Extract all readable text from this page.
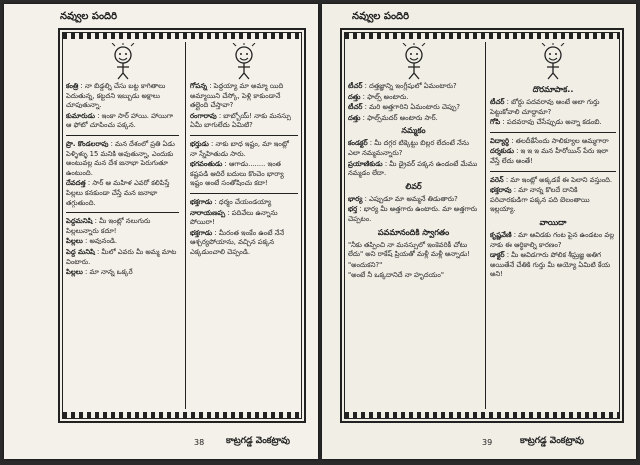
నవ్వుల పందిరి
కంత్రి : నా బిడ్డల్ని చేసు బట్ట కాగితాలు పెదుతున్న, కట్టదని ఇబ్బుడు అక్షాలు చూపుతున్నా.
కుమారుడు : ఇంకా సార్ హాయి. హాయిగా ఆ ఫోటో చూపించు పక్కన.
ప్రొ. కొండలరావు : మన దేశంలో ప్రతి ఏడు పెళ్ళిళ్ళు 15 మనికి అవుతున్నా, ఎందుకు అంటువల్ల మన దేశ జనాభా పెరుగుతూ ఉంటుంది.
దేవదత్త : సార్ ఆ మహిళ ఎవరో కలిపిస్తే పిల్లలు కనకుండా చేస్తే మన జనాభా తగ్గుతుంది.
పెద్దమనిషి : మీ ఇంట్లో నలుగురు పిల్లలున్నారు కదూ!
పిల్లలు : అవునండి.
పెద్ద మనిషి : మీలో ఎవరు మీ అమ్మ మాట వింటారు.
పిల్లలు : మా నాన్న ఒక్కరే
గోపన్న : పెద్దయ్యా మా అమ్మా యిది అమ్మాయిని చేస్కో, పెళ్లి కాకుండానే తల్లైంది చేస్తావా?
రంగారావు : బాబ్బోయ్! నాకు మనస్సు ఏమీ బాగులేదు ఏమిటి?
భర్తుడు : నాకు బాధ ఇష్టం, మా ఇంట్లో నా స్నేహితుడు సారు.
భగవంతుడు : ఆగాడు........ ఇంత కష్టపడి ఆదిరే బదులు కొంచెం భార్యా ఇష్టం అంటే సంతోషించు కదా!
భక్తగాడు : ధర్మం చేయండయ్యా
నారాయణప్ప : పదివేలు ఉన్నాను పోయిరా!
భక్తగాడు : మీరంత ఇంకేం ఉంటే నేనే ఆశ్చర్యపోయాను, వచ్చిన పక్కన ఎక్కడుంచాలి చెప్పండి.
38 కాట్రగడ్డ వెంకట్రావు
నవ్వుల పందిరి
టీచర్ : దత్తజ్ఞాన్ని ఇంగ్లీషులో ఏమంటారు?
దత్తు : ఫాల్స్ అంటారు.
టీచర్ : మరి అత్తగారిని ఏమంటారు చెప్పు?
దత్తు : ఫాల్స్‌మదర్ అంటారు సార్.
నమ్మకం
కండక్టర్ : మీ దగ్గర టిక్కెట్టు బిల్లర లేదంటే నేను ఎలా నమ్మమన్నారు?
ప్రయాణికుడు : మీ డ్రైవర్ పక్కన ఉండంటే మేము నమ్మడం లేదా.
లివర్
భార్య : ఎప్పుడూ మా అమ్మనే తిడుతారు?
భర్త : భార్య మీ అత్తగారు ఉంటారు. మా అత్తగారు చెప్పటం.
పవమానందికి స్వాగతం
"నీకు తప్పించి నా మనస్సులో ఇంకెవరికీ చోటు లేదు" అని రాకేష్ ప్రియతో మళ్లీ మళ్లీ అన్నాడు!
"అందుకని?"
"అంటే నీ ఒక్కదానిదే నా హృదయం"
దొరమాపాక..
టీచర్ : బోర్డు పదవరావు అంటే అలా గుర్తు పెట్టుకోవాలి చూద్దామా?
గోపి : పదవరావు చేసేప్పుడు అన్నా కడంబి.
విద్యార్థి : తలదీకేసేందు సాలిక్యూల అమ్మగారా
దర్శకుడు : ఇ ఇ ఇ మన హీరోయిన్ పేరు ఇలా వేస్తే లేదు అంతే!
వరెన్ : మా ఇంట్లో అక్కడకే ఈ పెలాని వస్తుంది.
భక్తరావు : మా నాన్న కొలదే దానికి పరిచారకుడిగా పక్కన పది బెలంతాయి ఇల్లయ్యా.
వాయిదా
కృష్ణవేణి : మా ఆవిడకు గంట పైన ఉండటం వల్ల నాకు ఈ ఆర్థికాల్ని కారణం?
డాక్టర్ : మీ ఆవిడగారు పోలిక శీఘ్రజ్ఞ అతిగ అయితేనే చేతికి గుర్తు మీ అయ్యో ఏమిటి కేయ అని!
39	కాట్రగడ్డ వెంకట్రావు
